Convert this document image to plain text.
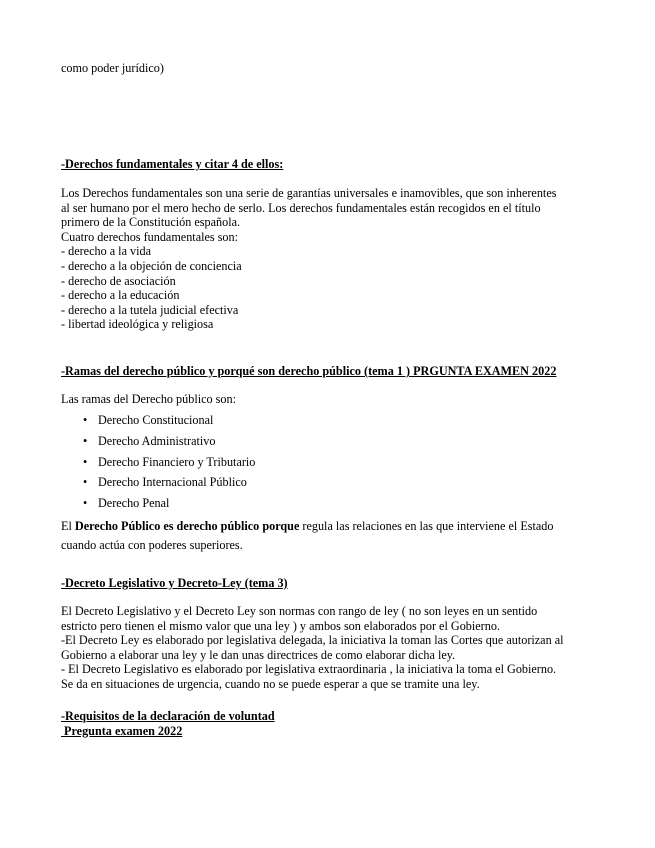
como poder jurídico)

-Derechos fundamentales y citar 4 de ellos:

Los Derechos fundamentales son una serie de garantías universales e inamovibles, que son inherentes
al ser humano por el mero hecho de serlo. Los derechos fundamentales están recogidos en el título
primero de la Constitución española.
Cuatro derechos fundamentales son:
- derecho a la vida
- derecho a la objeción de conciencia
- derecho de asociación
- derecho a la educación
- derecho a la tutela judicial efectiva
- libertad ideológica y religiosa

-Ramas del derecho público y porqué son derecho público (tema 1 ) PRGUNTA EXAMEN 2022

Las ramas del Derecho público son:

• Derecho Constitucional
• Derecho Administrativo
• Derecho Financiero y Tributario
• Derecho Internacional Público
• Derecho Penal
El Derecho Público es derecho público porque regula las relaciones en las que interviene el Estado
cuando actúa con poderes superiores.

-Decreto Legislativo y Decreto-Ley (tema 3)

El Decreto Legislativo y el Decreto Ley son normas con rango de ley ( no son leyes en un sentido
estricto pero tienen el mismo valor que una ley ) y ambos son elaborados por el Gobierno.
-El Decreto Ley es elaborado por legislativa delegada, la iniciativa la toman las Cortes que autorizan al
Gobierno a elaborar una ley y le dan unas directrices de como elaborar dicha ley.
- El Decreto Legislativo es elaborado por legislativa extraordinaria , la iniciativa la toma el Gobierno.
Se da en situaciones de urgencia, cuando no se puede esperar a que se tramite una ley.
-Requisitos de la declaración de voluntad
Pregunta examen 2022
